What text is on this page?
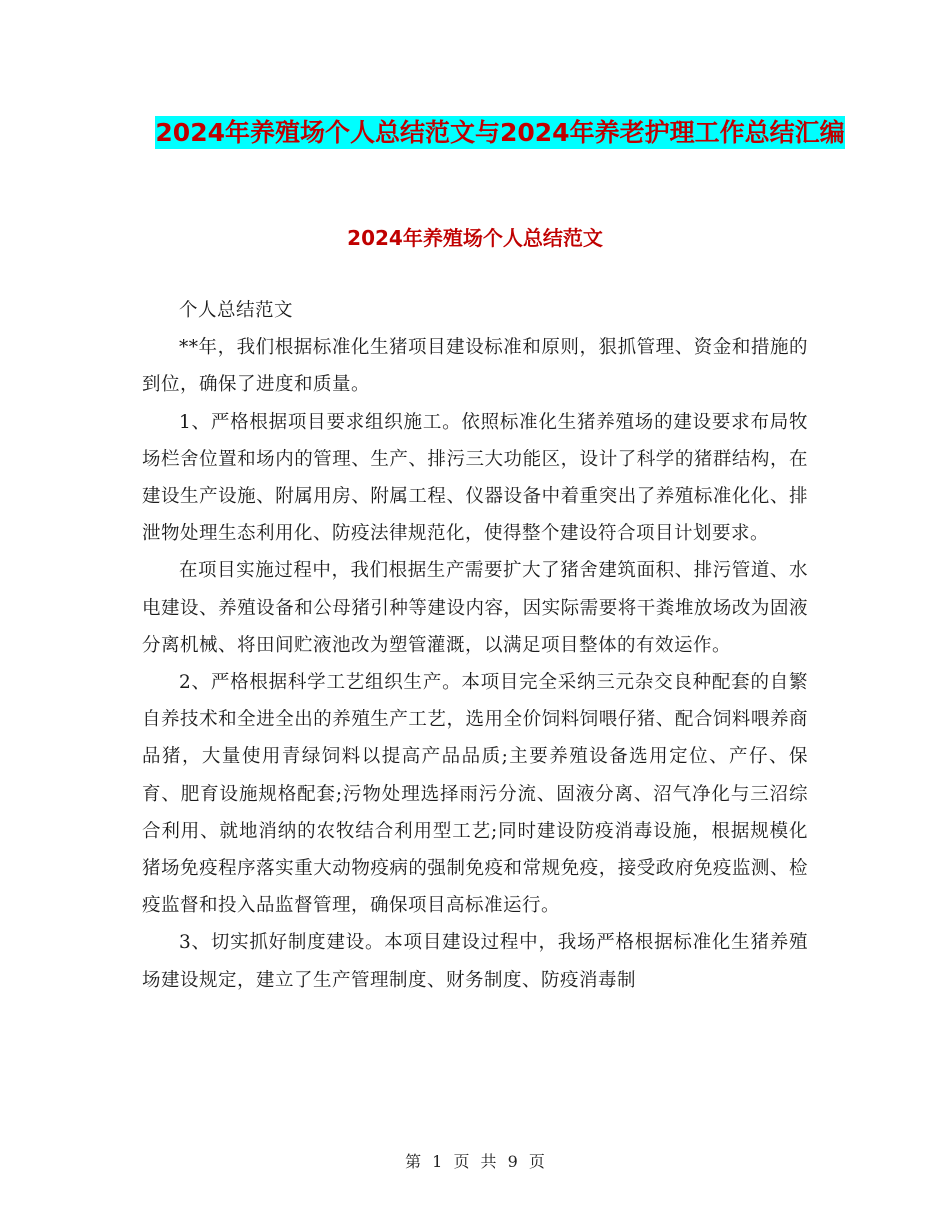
2024年养殖场个人总结范文与2024年养老护理工作总结汇编
2024年养殖场个人总结范文

个人总结范文

**年，我们根据标准化生猪项目建设标准和原则，狠抓管理、资金和措施的到位，确保了进度和质量。

1、严格根据项目要求组织施工。依照标准化生猪养殖场的建设要求布局牧场栏舍位置和场内的管理、生产、排污三大功能区，设计了科学的猪群结构，在建设生产设施、附属用房、附属工程、仪器设备中着重突出了养殖标准化化、排泄物处理生态利用化、防疫法律规范化，使得整个建设符合项目计划要求。

在项目实施过程中，我们根据生产需要扩大了猪舍建筑面积、排污管道、水电建设、养殖设备和公母猪引种等建设内容，因实际需要将干粪堆放场改为固液分离机械、将田间贮液池改为塑管灌溉，以满足项目整体的有效运作。

2、严格根据科学工艺组织生产。本项目完全采纳三元杂交良种配套的自繁自养技术和全进全出的养殖生产工艺，选用全价饲料饲喂仔猪、配合饲料喂养商品猪，大量使用青绿饲料以提高产品品质;主要养殖设备选用定位、产仔、保育、肥育设施规格配套;污物处理选择雨污分流、固液分离、沼气净化与三沼综合利用、就地消纳的农牧结合利用型工艺;同时建设防疫消毒设施，根据规模化猪场免疫程序落实重大动物疫病的强制免疫和常规免疫，接受政府免疫监测、检疫监督和投入品监督管理，确保项目高标准运行。

3、切实抓好制度建设。本项目建设过程中，我场严格根据标准化生猪养殖场建设规定，建立了生产管理制度、财务制度、防疫消毒制

第 1 页 共 9 页
